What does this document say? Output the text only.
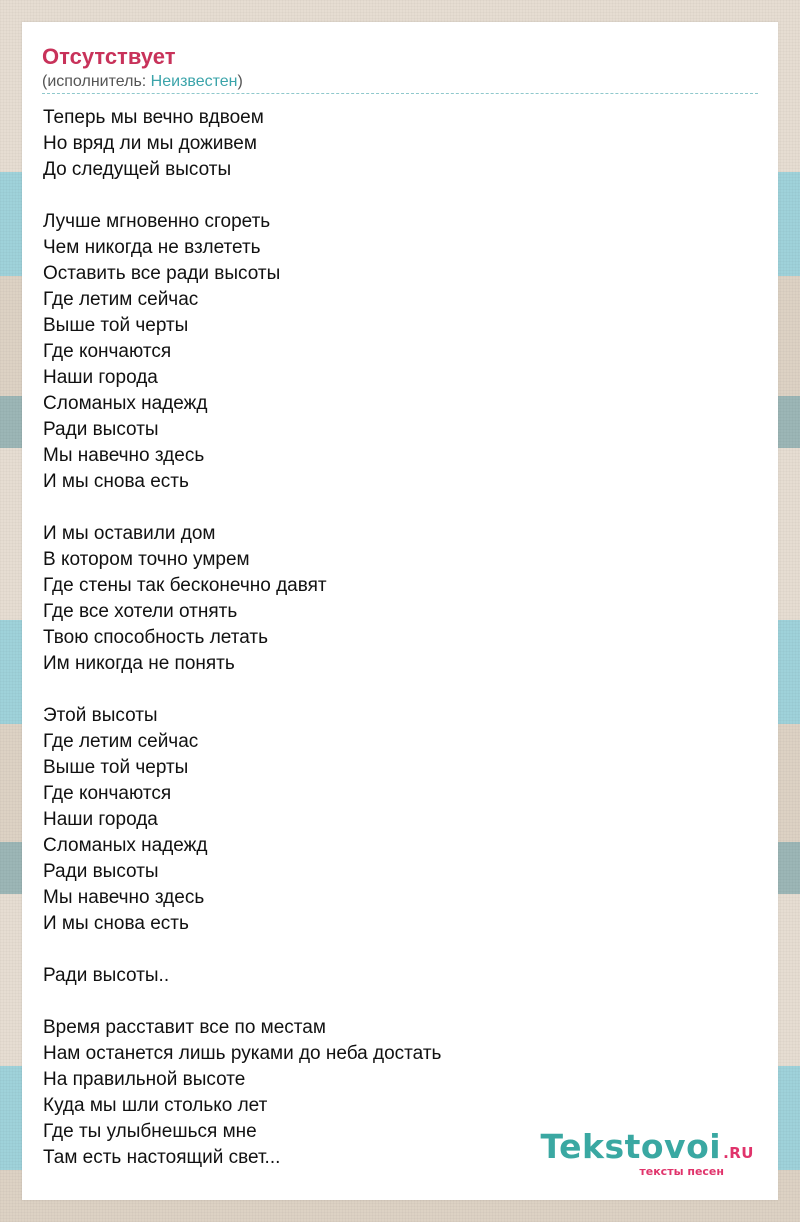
Отсутствует
(исполнитель: Неизвестен)
Теперь мы вечно вдвоем
Но вряд ли мы доживем
До следущей высоты

Лучше мгновенно сгореть
Чем никогда не взлететь
Оставить все ради высоты
Где летим сейчас
Выше той черты
Где кончаются
Наши города
Сломаных надежд
Ради высоты
Мы навечно здесь
И мы снова есть

И мы оставили дом
В котором точно умрем
Где стены так бесконечно давят
Где все хотели отнять
Твою способность летать
Им никогда не понять

Этой высоты
Где летим сейчас
Выше той черты
Где кончаются
Наши города
Сломаных надежд
Ради высоты
Мы навечно здесь
И мы снова есть

Ради высоты..

Время расставит все по местам
Нам останется лишь руками до неба достать
На правильной высоте
Куда мы шли столько лет
Где ты улыбнешься мне
Там есть настоящий свет...	Tekstovoi .RU
тексты песен
